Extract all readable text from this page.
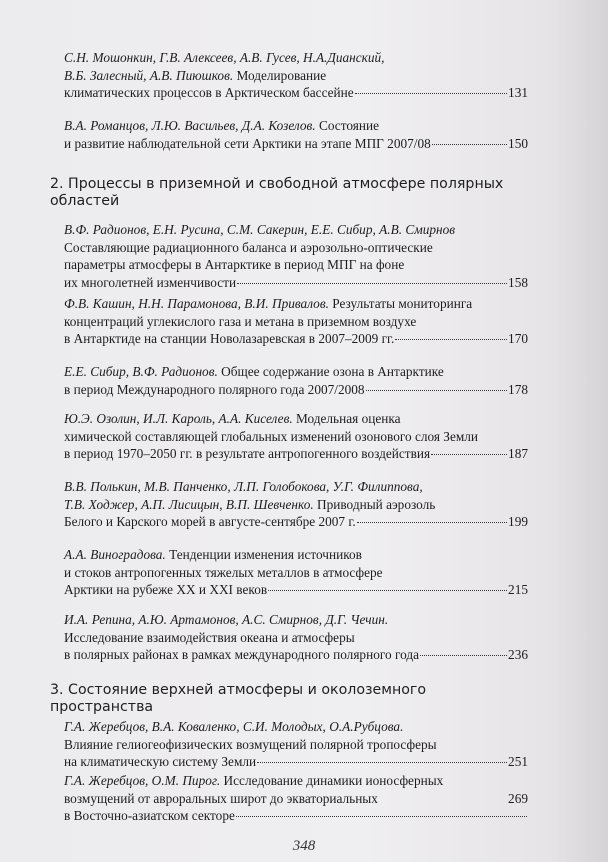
С.Н. Мошонкин, Г.В. Алексеев, А.В. Гусев, Н.А.Дианский,
В.Б. Залесный, А.В. Пиюшков. Моделирование
климатических процессов в Арктическом бассейне	131
В.А. Романцов, Л.Ю. Васильев, Д.А. Козелов. Состояние
и развитие наблюдательной сети Арктики на этапе МПГ 2007/08	150
2. Процессы в приземной и свободной атмосфере полярных
областей
В.Ф. Радионов, Е.Н. Русина, С.М. Сакерин, Е.Е. Сибир, А.В. Смирнов
Составляющие радиационного баланса и аэрозольно-оптические
параметры атмосферы в Антарктике в период МПГ на фоне
их многолетней изменчивости	158
Ф.В. Кашин, Н.Н. Парамонова, В.И. Привалов. Результаты мониторинга
концентраций углекислого газа и метана в приземном воздухе
в Антарктиде на станции Новолазаревская в 2007–2009 гг.	170
Е.Е. Сибир, В.Ф. Радионов. Общее содержание озона в Антарктике
в период Международного полярного года 2007/2008	178
Ю.Э. Озолин, И.Л. Кароль, А.А. Киселев. Модельная оценка
химической составляющей глобальных изменений озонового слоя Земли
в период 1970–2050 гг. в результате антропогенного воздействия	187
В.В. Полькин, М.В. Панченко, Л.П. Голобокова, У.Г. Филиппова,
Т.В. Ходжер, А.П. Лисицын, В.П. Шевченко. Приводный аэрозоль
Белого и Карского морей в августе-сентябре 2007 г.	199
А.А. Виноградова. Тенденции изменения источников
и стоков антропогенных тяжелых металлов в атмосфере
Арктики на рубеже XX и XXI веков	215
И.А. Репина, А.Ю. Артамонов, А.С. Смирнов, Д.Г. Чечин.
Исследование взаимодействия океана и атмосферы
в полярных районах в рамках международного полярного года	236
3. Состояние верхней атмосферы и околоземного пространства
Г.А. Жеребцов, В.А. Коваленко, С.И. Молодых, О.А.Рубцова.
Влияние гелиогеофизических возмущений полярной тропосферы
на климатическую систему Земли	251
Г.А. Жеребцов, О.М. Пирог. Исследование динамики ионосферных
возмущений от авроральных широт до экваториальных	269
в Восточно-азиатском секторе
348
